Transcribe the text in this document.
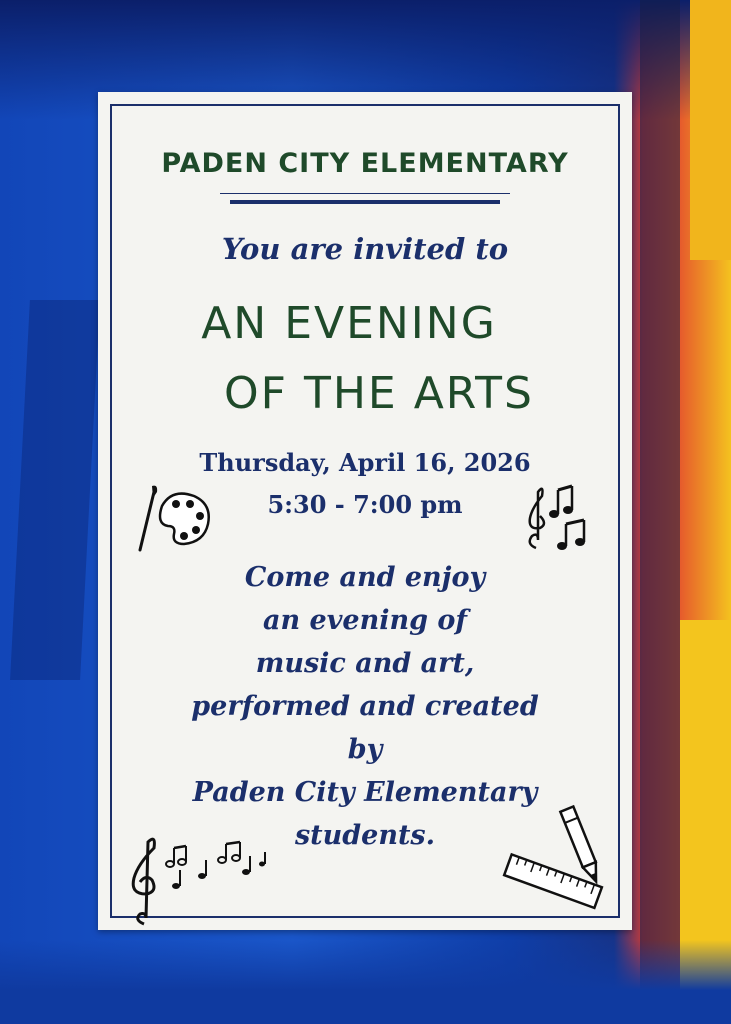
PADEN CITY ELEMENTARY
You are invited to
AN EVENING
OF THE ARTS
Thursday, April 16, 2026
5:30 - 7:00 pm
Come and enjoy
an evening of
music and art,
performed and created
by
Paden City Elementary
students.
